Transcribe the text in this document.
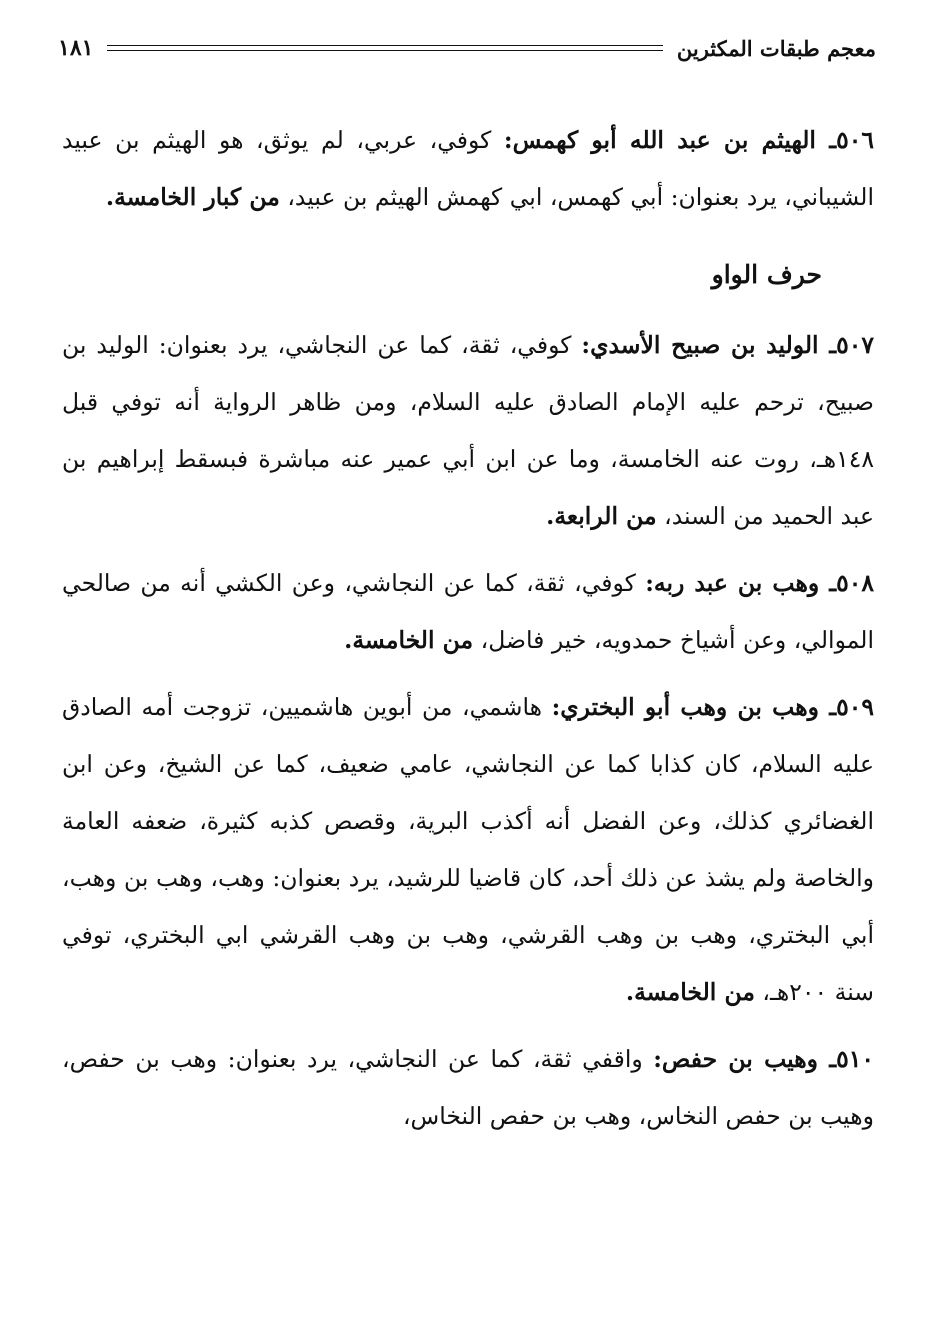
معجم طبقات المكثرين
١٨١

٥٠٦ـ الهيثم بن عبد الله أبو كهمس: كوفي، عربي، لم يوثق، هو الهيثم بن عبيد الشيباني، يرد بعنوان: أبي كهمس، ابي كهمش الهيثم بن عبيد، من كبار الخامسة.

حرف الواو

٥٠٧ـ الوليد بن صبيح الأسدي: كوفي، ثقة، كما عن النجاشي، يرد بعنوان: الوليد بن صبيح، ترحم عليه الإمام الصادق عليه السلام، ومن ظاهر الرواية أنه توفي قبل ١٤٨هـ، روت عنه الخامسة، وما عن ابن أبي عمير عنه مباشرة فبسقط إبراهيم بن عبد الحميد من السند، من الرابعة.

٥٠٨ـ وهب بن عبد ربه: كوفي، ثقة، كما عن النجاشي، وعن الكشي أنه من صالحي الموالي، وعن أشياخ حمدويه، خير فاضل، من الخامسة.

٥٠٩ـ وهب بن وهب أبو البختري: هاشمي، من أبوين هاشميين، تزوجت أمه الصادق عليه السلام، كان كذابا كما عن النجاشي، عامي ضعيف، كما عن الشيخ، وعن ابن الغضائري كذلك، وعن الفضل أنه أكذب البرية، وقصص كذبه كثيرة، ضعفه العامة والخاصة ولم يشذ عن ذلك أحد، كان قاضيا للرشيد، يرد بعنوان: وهب، وهب بن وهب، أبي البختري، وهب بن وهب القرشي، وهب بن وهب القرشي ابي البختري، توفي سنة ٢٠٠هـ، من الخامسة.

٥١٠ـ وهيب بن حفص: واقفي ثقة، كما عن النجاشي، يرد بعنوان: وهب بن حفص، وهيب بن حفص النخاس، وهب بن حفص النخاس،
